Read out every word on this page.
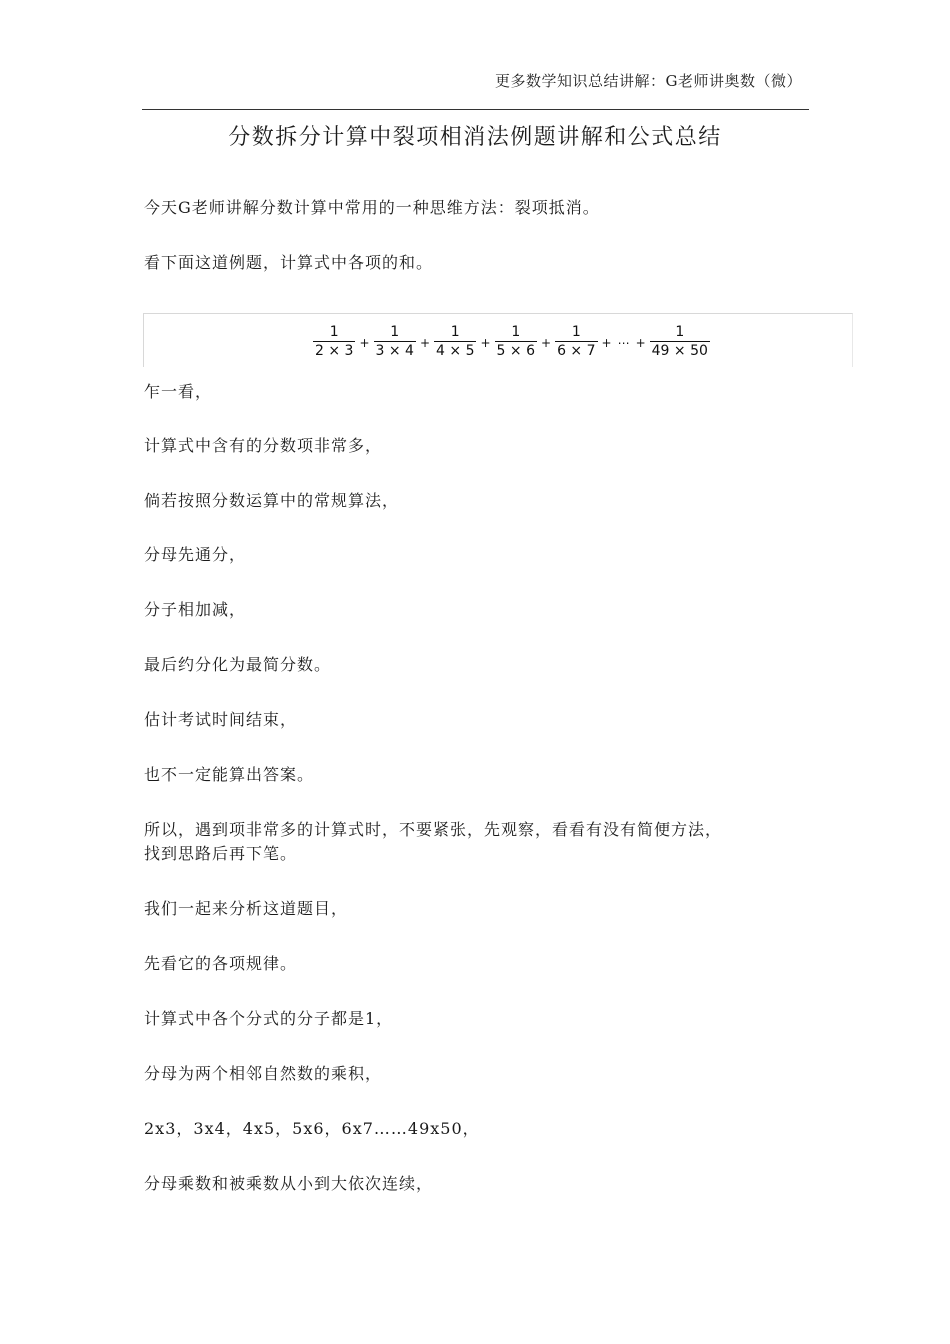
更多数学知识总结讲解：G老师讲奥数（微）
分数拆分计算中裂项相消法例题讲解和公式总结

今天G老师讲解分数计算中常用的一种思维方法：裂项抵消。

看下面这道例题，计算式中各项的和。

$\frac{1}{2 \times 3} + \frac{1}{3 \times 4} + \frac{1}{4 \times 5} + \frac{1}{5 \times 6} + \frac{1}{6 \times 7}$ + ⋯ + $\frac{1}{49 \times 50}$

乍一看，

计算式中含有的分数项非常多，

倘若按照分数运算中的常规算法，

分母先通分，

分子相加减，

最后约分化为最简分数。

估计考试时间结束，

也不一定能算出答案。

所以，遇到项非常多的计算式时，不要紧张，先观察，看看有没有简便方法，

找到思路后再下笔。

我们一起来分析这道题目，

先看它的各项规律。

计算式中各个分式的分子都是1，

分母为两个相邻自然数的乘积，

2x3，3x4，4x5，5x6，6x7……49x50，

分母乘数和被乘数从小到大依次连续，
